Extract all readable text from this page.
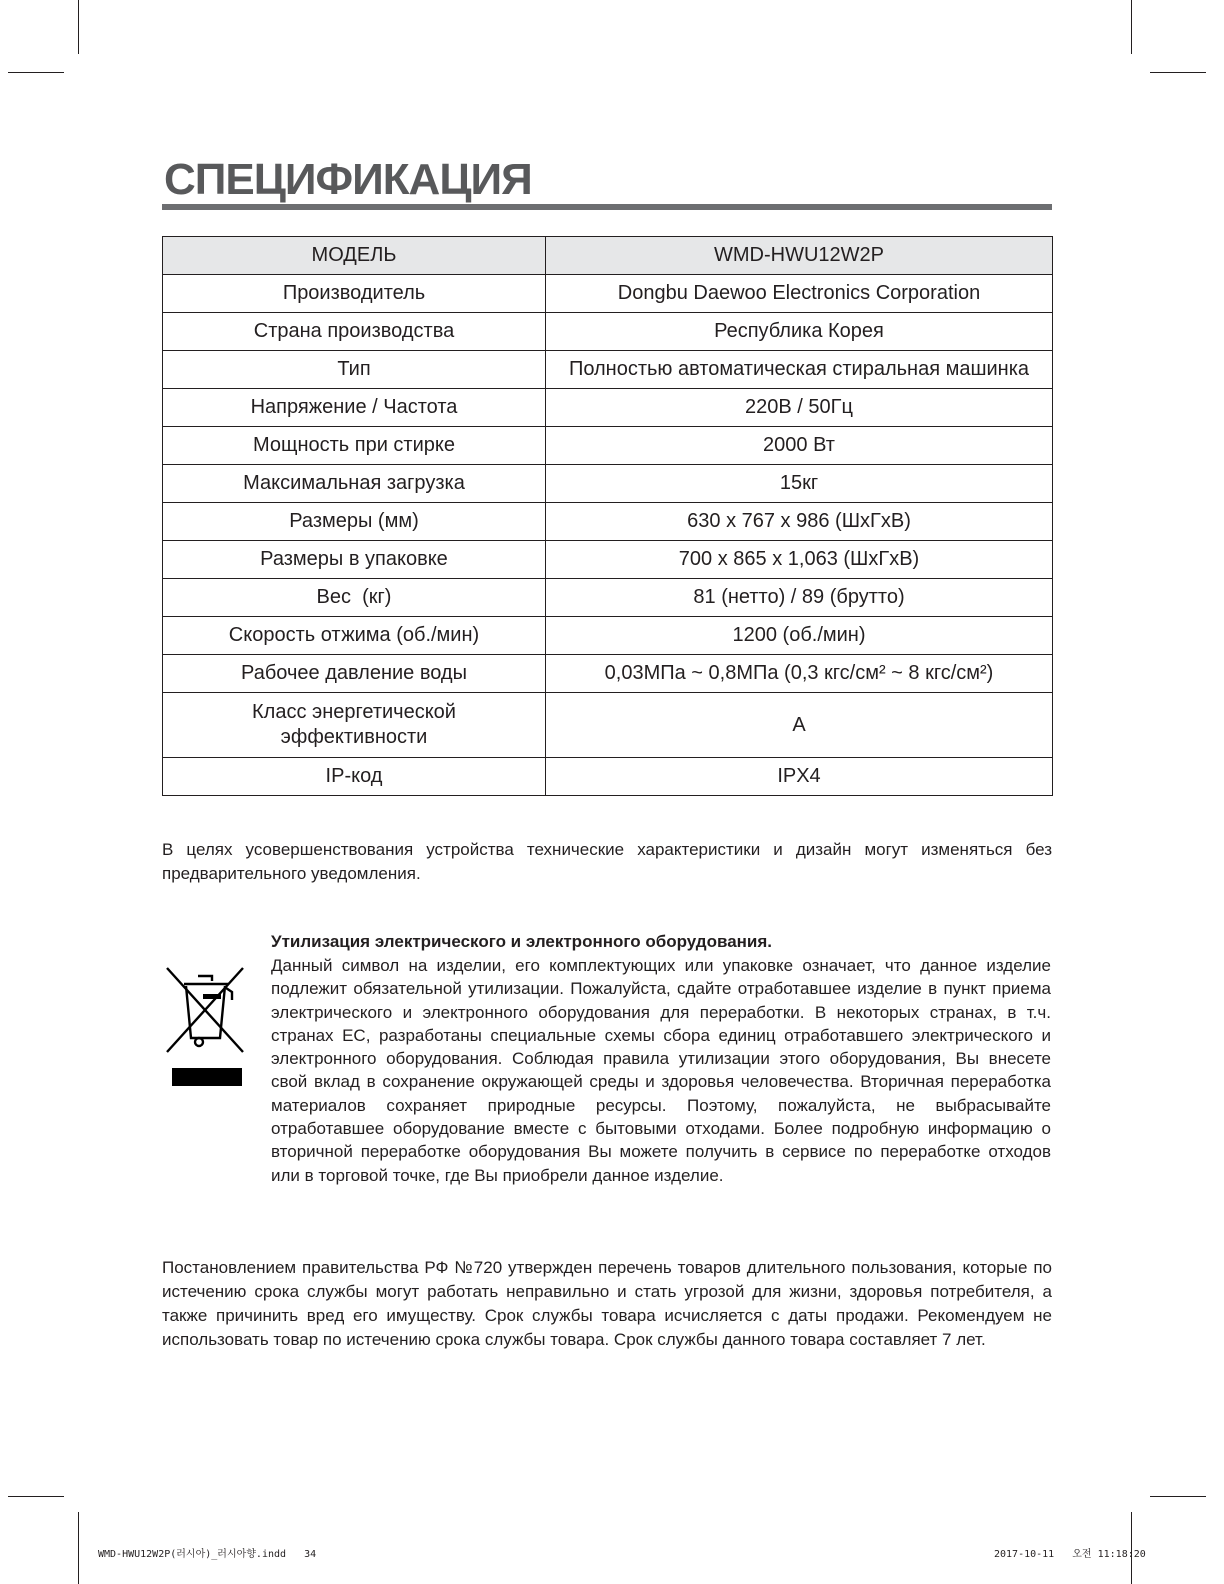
СПЕЦИФИКАЦИЯ
МОДЕЛЬ	WMD-HWU12W2P
Производитель	Dongbu Daewoo Electronics Corporation
Страна производства	Республика Корея
Тип	Полностью автоматическая стиральная машинка
Напряжение / Частота	220В / 50Гц
Мощность при стирке	2000 Вт
Максимальная загрузка	15кг
Размеры (мм)	630 x 767 x 986 (ШхГхВ)
Размеры в упаковке	700 x 865 x 1,063 (ШхГхВ)
Вес  (кг)	81 (нетто) / 89 (брутто)
Скорость отжима (об./мин)	1200 (об./мин)
Рабочее давление воды	0,03МПа ~ 0,8МПа (0,3 кгс/см² ~ 8 кгс/см²)

Класс энергетической
эффективности	A
IP-код	IPX4

В целях усовершенствования устройства технические характеристики и дизайн могут изменяться без предварительного уведомления.

Утилизация электрического и электронного оборудования.

Данный символ на изделии, его комплектующих или упаковке означает, что данное изделие подлежит обязательной утилизации. Пожалуйста, сдайте отработавшее изделие в пункт приема электрического и электронного оборудования для переработки. В некоторых странах, в т.ч. странах ЕС, разработаны специальные схемы сбора единиц отработавшего электрического и электронного оборудования. Соблюдая правила утилизации этого оборудования, Вы внесете свой вклад в сохранение окружающей среды и здоровья человечества. Вторичная переработка материалов сохраняет природные ресурсы. Поэтому, пожалуйста, не выбрасывайте отработавшее оборудование вместе с бытовыми отходами. Более подробную информацию о вторичной переработке оборудования Вы можете получить в сервисе по переработке отходов или в торговой точке, где Вы приобрели данное изделие.

Постановлением правительства РФ №720 утвержден перечень товаров длительного пользования, которые по истечению срока службы могут работать неправильно и стать угрозой для жизни, здоровья потребителя, а также причинить вред его имуществу. Срок службы товара исчисляется с даты продажи. Рекомендуем не использовать товар по истечению срока службы товара. Срок службы данного товара составляет 7 лет.

WMD-HWU12W2P(러시아)_러시아향.indd   34	2017-10-11   오전 11:18:20
